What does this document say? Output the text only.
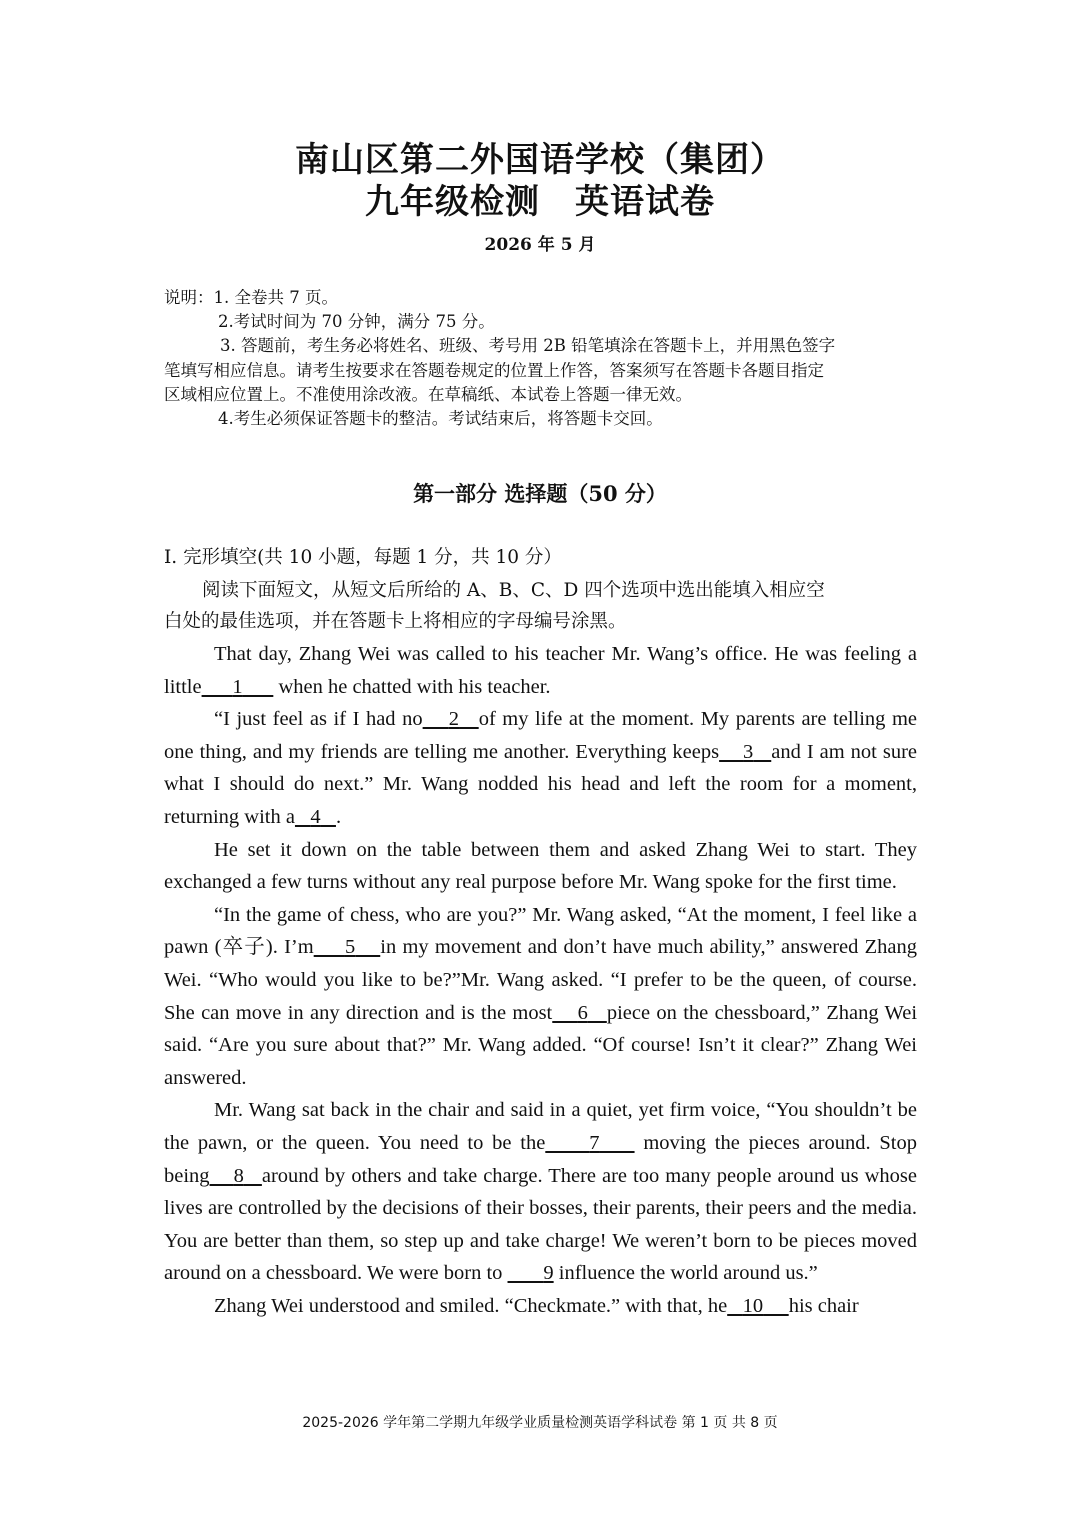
南山区第二外国语学校（集团）
九年级检测　英语试卷
2026 年 5 月
说明：1. 全卷共 7 页。
2.考试时间为 70 分钟，满分 75 分。
3. 答题前，考生务必将姓名、班级、考号用 2B 铅笔填涂在答题卡上，并用黑色签字
笔填写相应信息。请考生按要求在答题卷规定的位置上作答，答案须写在答题卡各题目指定
区域相应位置上。不准使用涂改液。在草稿纸、本试卷上答题一律无效。
4.考生必须保证答题卡的整洁。考试结束后，将答题卡交回。
第一部分 选择题（50 分）
I. 完形填空(共 10 小题，每题 1 分，共 10 分）
阅读下面短文，从短文后所给的 A、B、C、D 四个选项中选出能填入相应空
白处的最佳选项，并在答题卡上将相应的字母编号涂黑。

That day, Zhang Wei was called to his teacher Mr. Wang’s office. He was feeling a little 1       when he chatted with his teacher.

“I just feel as if I had no 2 of my life at the moment. My parents are telling me one thing, and my friends are telling me another. Everything keeps 3 and I am not sure what I should do next.” Mr. Wang nodded his head and left the room for a moment, returning with a 4 .

He set it down on the table between them and asked Zhang Wei to start. They exchanged a few turns without any real purpose before Mr. Wang spoke for the first time.

“In the game of chess, who are you?” Mr. Wang asked, “At the moment, I feel like a pawn (卒子). I’m 5 in my movement and don’t have much ability,” answered Zhang Wei. “Who would you like to be?”Mr. Wang asked. “I prefer to be the queen, of course. She can move in any direction and is the most 6 piece on the chessboard,” Zhang Wei said. “Are you sure about that?” Mr. Wang added. “Of course! Isn’t it clear?” Zhang Wei answered.

Mr. Wang sat back in the chair and said in a quiet, yet firm voice, “You shouldn’t be the pawn, or the queen. You need to be the 7     moving the pieces around. Stop being 8 around by others and take charge. There are too many people around us whose lives are controlled by the decisions of their bosses, their parents, their peers and the media. You are better than them, so step up and take charge! We weren’t born to be pieces moved around on a chessboard. We were born to        9 influence the world around us.”

Zhang Wei understood and smiled. “Checkmate.” with that, he 10 his chair

2025-2026 学年第二学期九年级学业质量检测英语学科试卷 第 1 页 共 8 页
